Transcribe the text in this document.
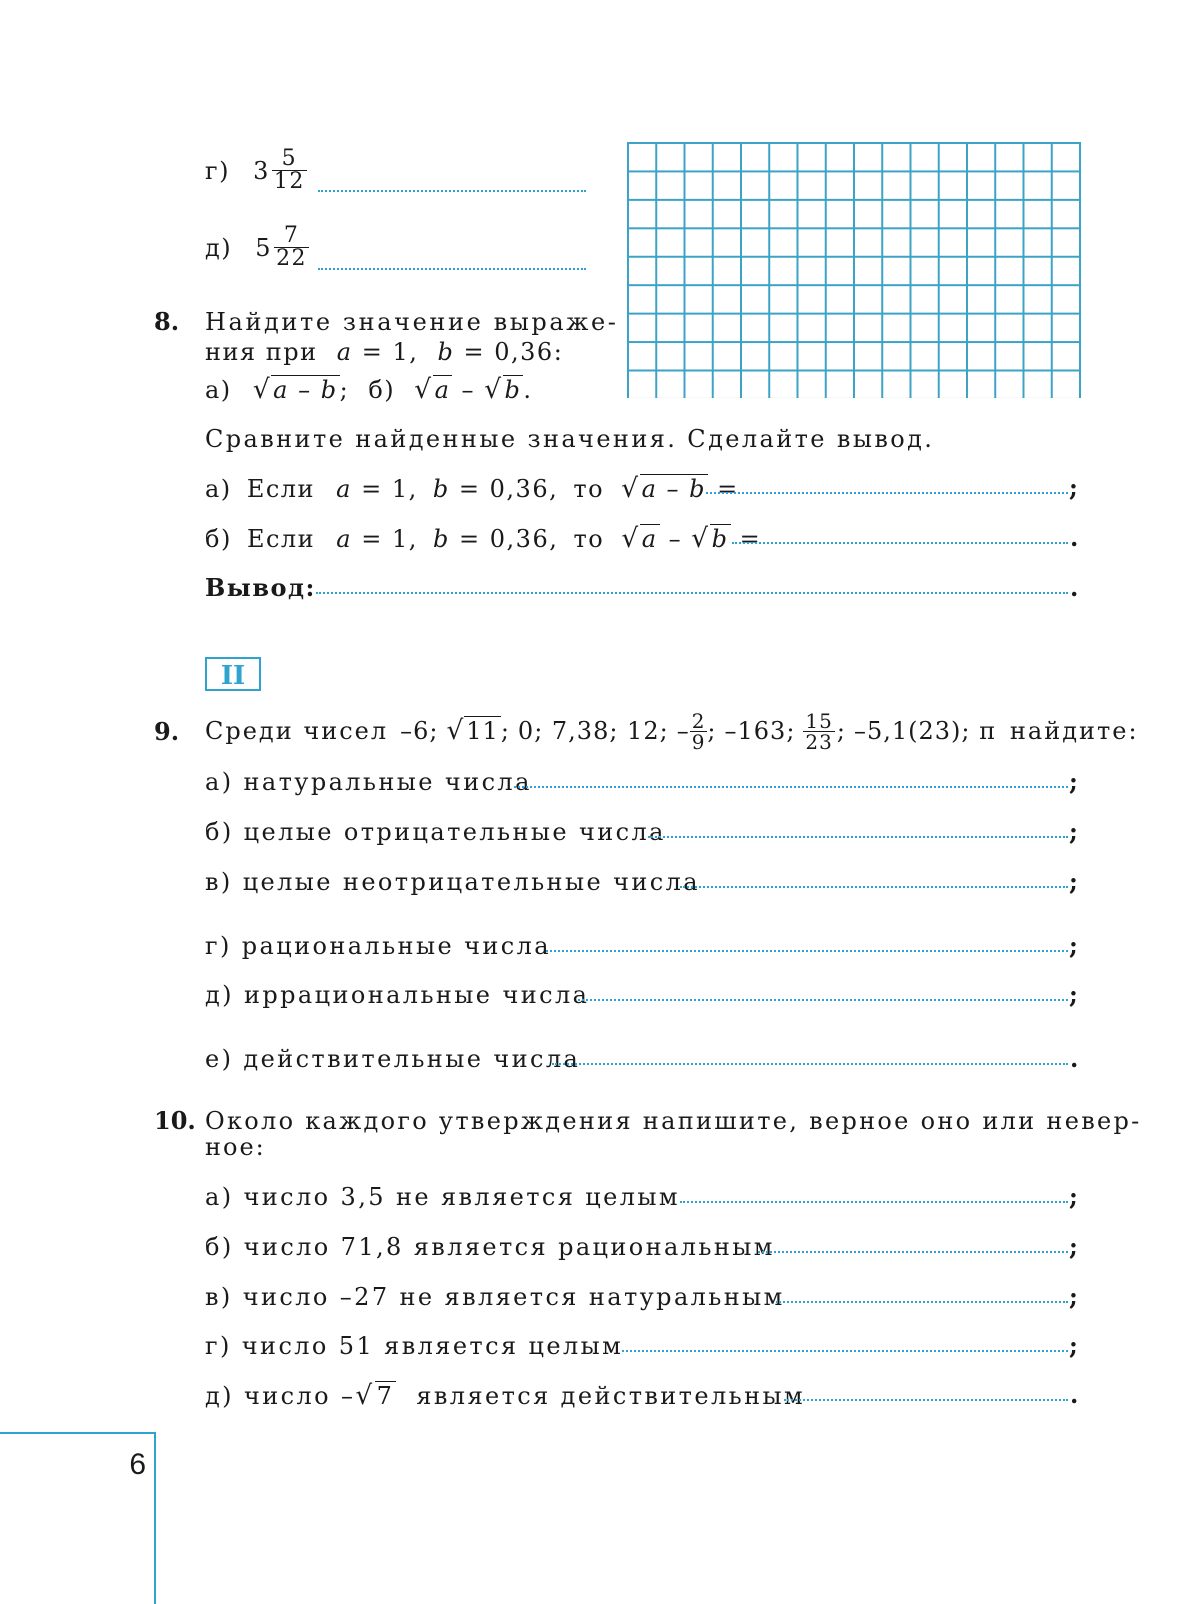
г) $3 \frac{5}{12}$
д) $5 \frac{7}{22}$
8. Найдите значение выраже-
ния при a = 1, b = 0,36:
а) √a – b; б) √a – √b.
Сравните найденные значения. Сделайте вывод.
а) Если a = 1, b = 0,36, то √a – b =	;
б) Если a = 1, b = 0,36, то √a – √b =	.
Вывод:	.
II
9. Среди чисел –6; √11 ; 0; 7,38; 12; – $\frac{2}{9}$ ; –163; $\frac{15}{23}$ ; –5,1(23); π найдите:
а) натуральные числа	;
б) целые отрицательные числа	;
в) целые неотрицательные числа	;
г) рациональные числа	;
д) иррациональные числа	;
е) действительные числа	.
10. Около каждого утверждения напишите, верное оно или невер-
ное:
а) число 3,5 не является целым	;
б) число 71,8 является рациональным	;
в) число –27 не является натуральным	;
г) число 51 является целым	;
д) число –√7 является действительным	.
6
